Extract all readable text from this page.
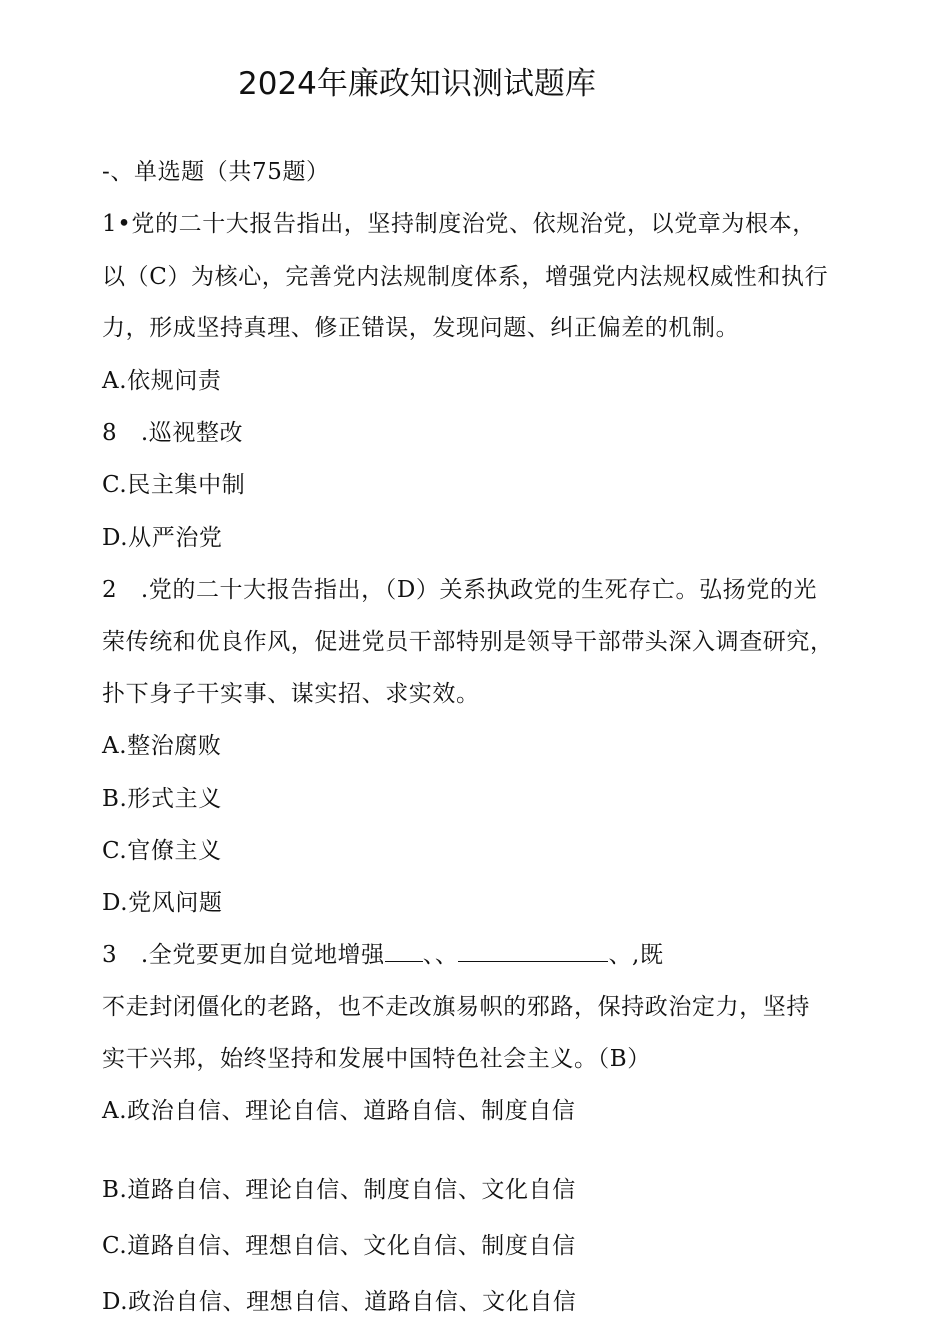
2024年廉政知识测试题库
-、单选题（共75题）
1•党的二十大报告指出，坚持制度治党、依规治党，以党章为根本，
以（C）为核心，完善党内法规制度体系，增强党内法规权威性和执行
力，形成坚持真理、修正错误，发现问题、纠正偏差的机制。
A.依规问责
8　.巡视整改
C.民主集中制
D.从严治党
2　.党的二十大报告指出，（D）关系执政党的生死存亡。弘扬党的光
荣传统和优良作风，促进党员干部特别是领导干部带头深入调查研究，
扑下身子干实事、谋实招、求实效。
A.整治腐败
B.形式主义
C.官僚主义
D.党风问题
3　.全党要更加自觉地增强 、、	、,既
不走封闭僵化的老路，也不走改旗易帜的邪路，保持政治定力，坚持
实干兴邦，始终坚持和发展中国特色社会主义。（B）
A.政治自信、理论自信、道路自信、制度自信
B.道路自信、理论自信、制度自信、文化自信
C.道路自信、理想自信、文化自信、制度自信
D.政治自信、理想自信、道路自信、文化自信
